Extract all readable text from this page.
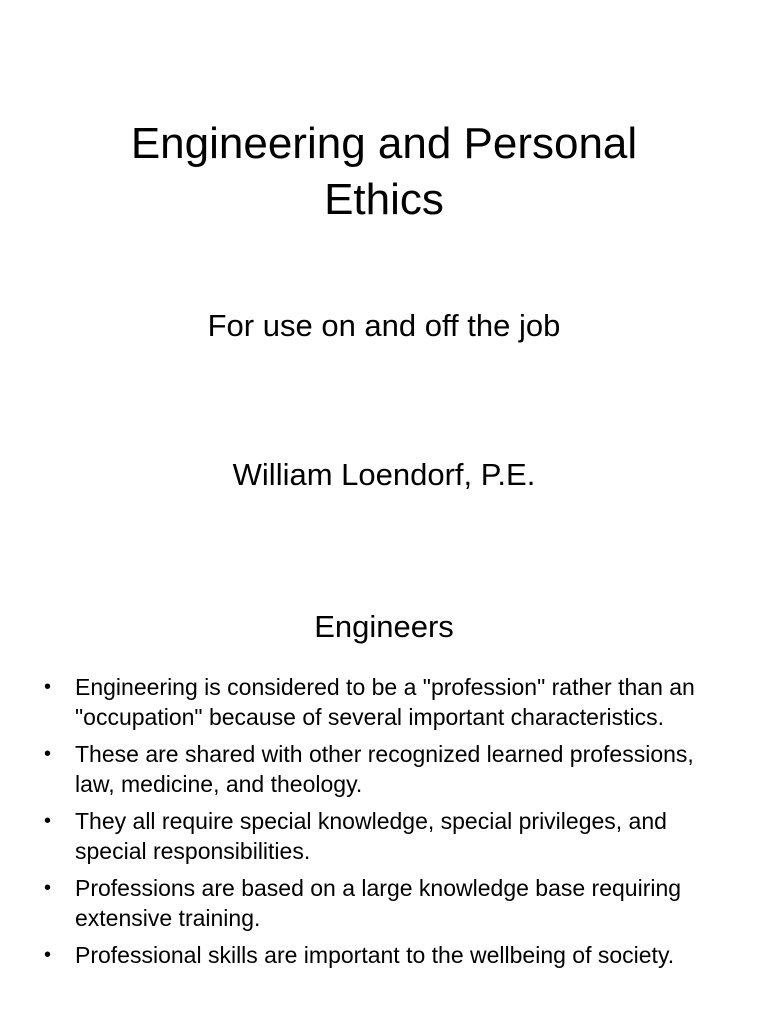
Engineering and Personal
Ethics

For use on and off the job

William Loendorf, P.E.

Engineers
• Engineering is considered to be a "profession" rather than an "occupation" because of several important characteristics.
• These are shared with other recognized learned professions, law, medicine, and theology.
• They all require special knowledge, special privileges, and special responsibilities.
• Professions are based on a large knowledge base requiring extensive training.
• Professional skills are important to the wellbeing of society.
